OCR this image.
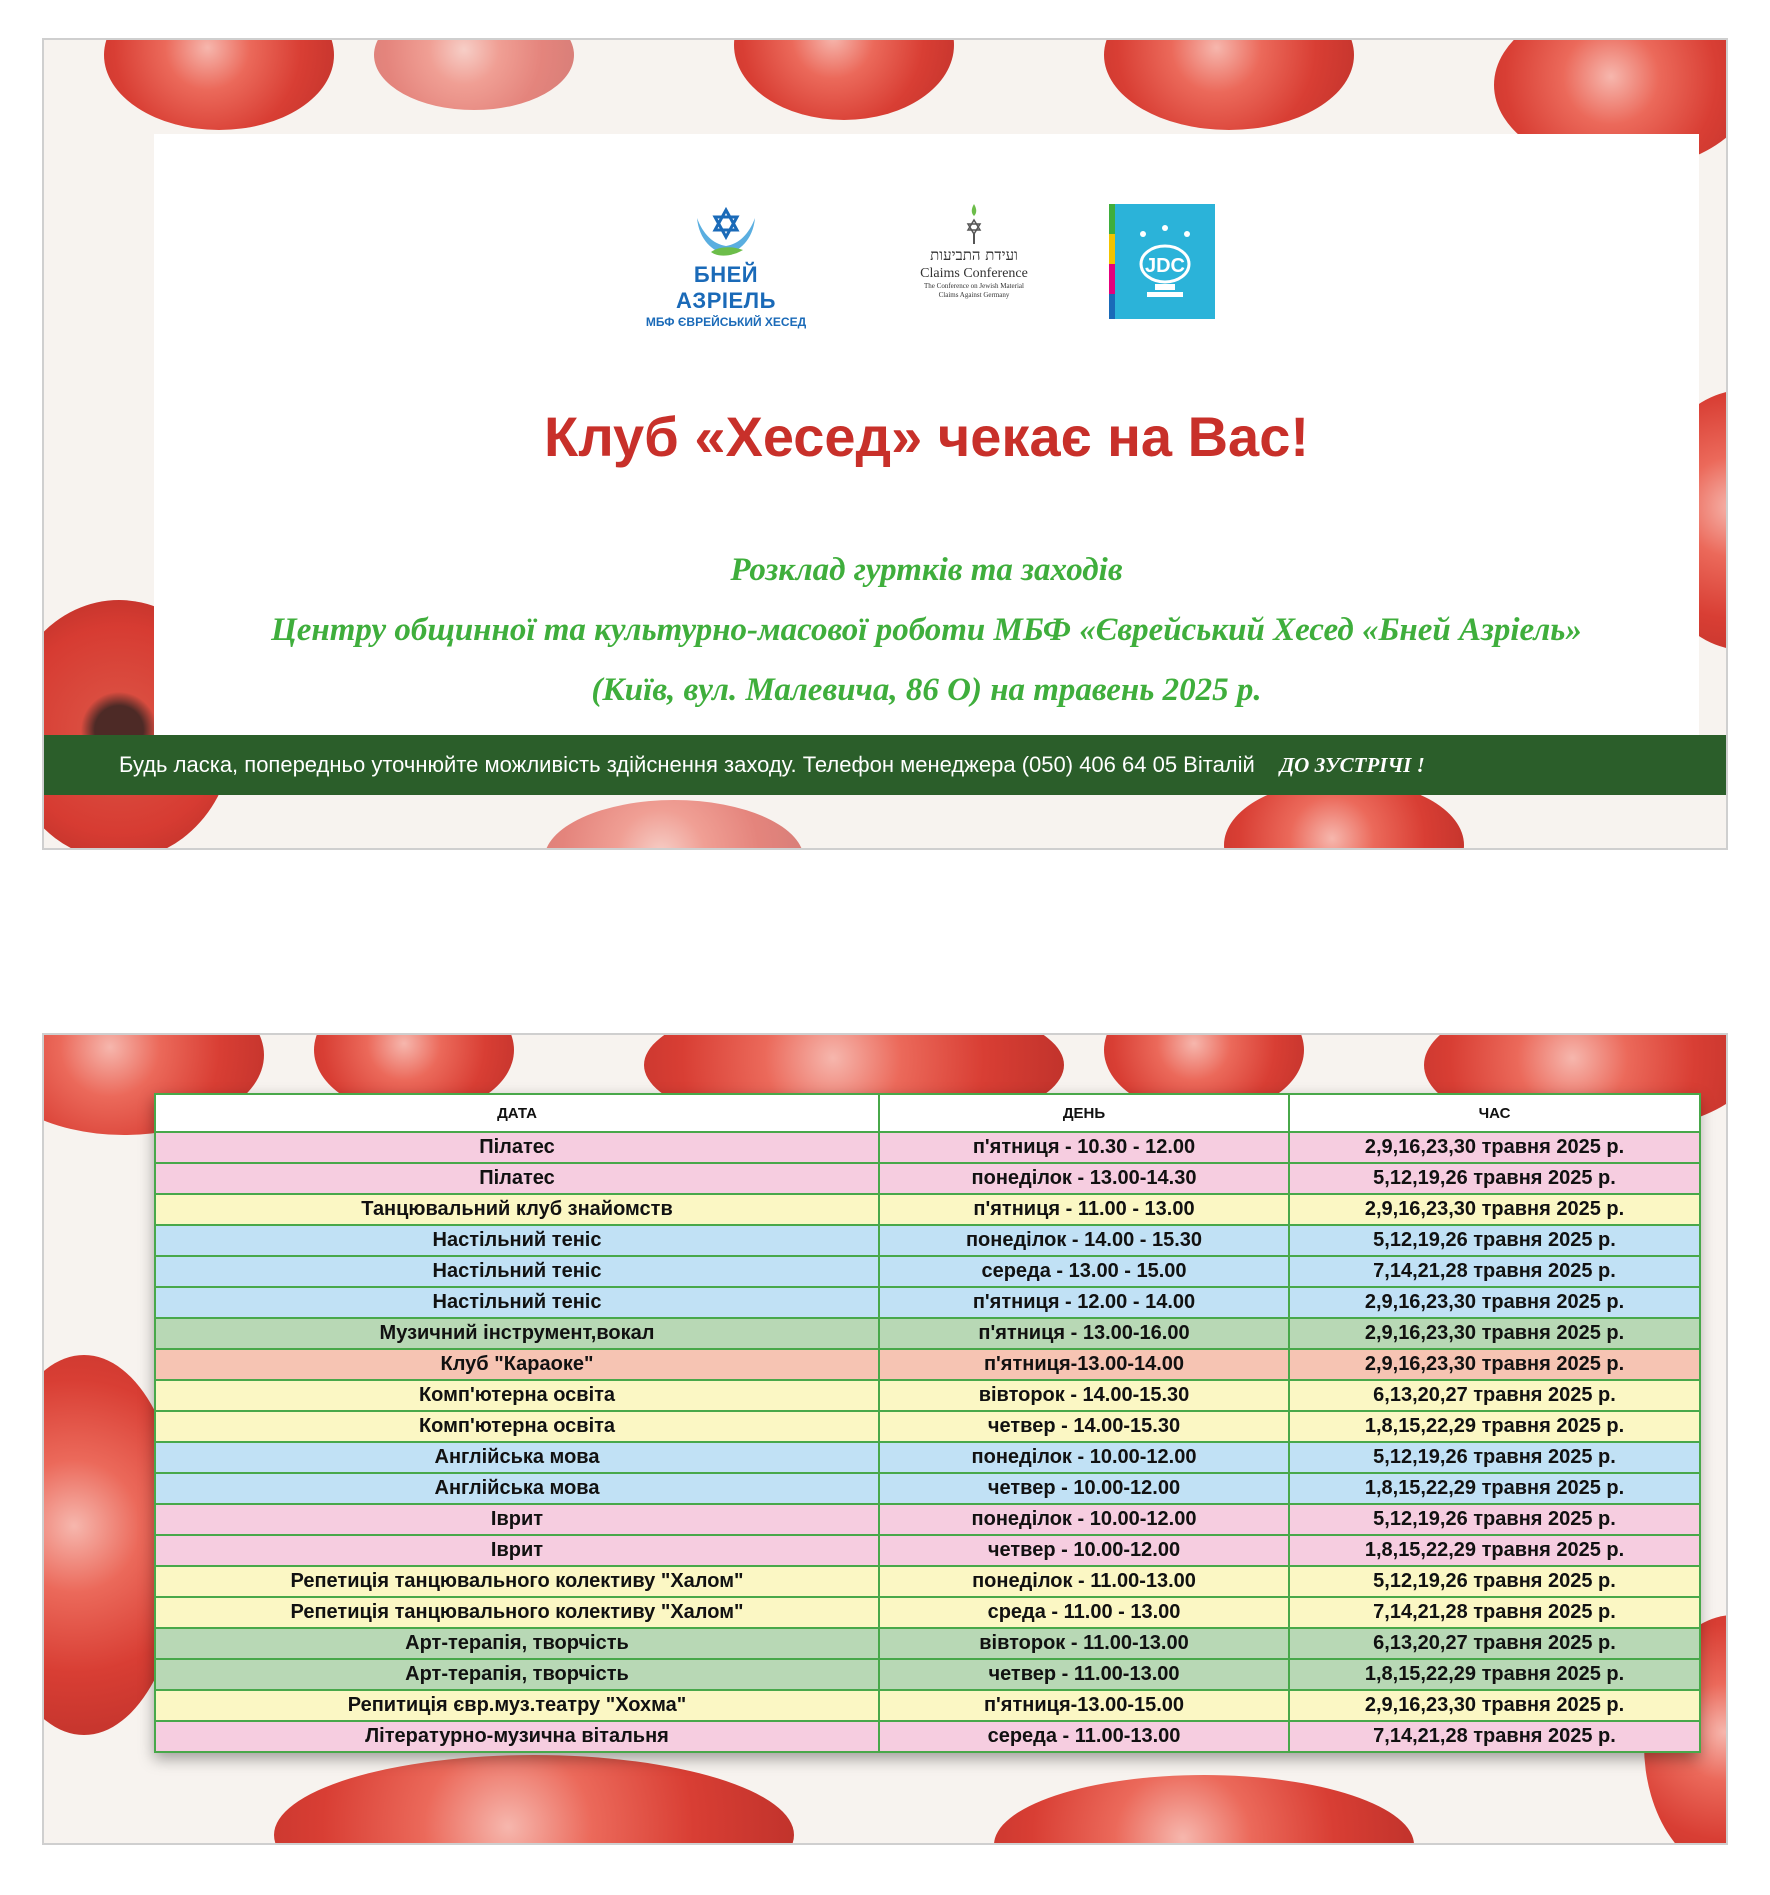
БНЕЙ АЗРІЕЛЬ
МБФ ЄВРЕЙСЬКИЙ ХЕСЕД
ועידת התביעות
Claims Conference
The Conference on Jewish Material
Claims Against Germany
JDC
Клуб «Хесед» чекає на Вас!
Розклад гуртків та заходів
Центру общинної та культурно-масової роботи МБФ «Єврейський Хесед «Бней Азріель»
(Київ, вул. Малевича, 86 О) на травень 2025 р.
Будь ласка, попередньо уточнюйте можливість здійснення заходу. Телефон менеджера (050) 406 64 05 Віталій ДО ЗУСТРІЧІ !
ДАТА	ДЕНЬ	ЧАС
Пілатес	п'ятниця - 10.30 - 12.00	2,9,16,23,30 травня 2025 р.
Пілатес	понеділок - 13.00-14.30	5,12,19,26 травня 2025 р.
Танцювальний клуб знайомств	п'ятниця - 11.00 - 13.00	2,9,16,23,30 травня 2025 р.
Настільний теніс	понеділок - 14.00 - 15.30	5,12,19,26 травня 2025 р.
Настільний теніс	середа - 13.00 - 15.00	7,14,21,28 травня 2025 р.
Настільний теніс	п'ятниця - 12.00 - 14.00	2,9,16,23,30 травня 2025 р.
Музичний інструмент,вокал	п'ятниця - 13.00-16.00	2,9,16,23,30 травня 2025 р.
Клуб "Караоке"	п'ятниця-13.00-14.00	2,9,16,23,30 травня 2025 р.
Комп'ютерна освіта	вівторок - 14.00-15.30	6,13,20,27 травня 2025 р.
Комп'ютерна освіта	четвер - 14.00-15.30	1,8,15,22,29 травня 2025 р.
Англійська мова	понеділок - 10.00-12.00	5,12,19,26 травня 2025 р.
Англійська мова	четвер - 10.00-12.00	1,8,15,22,29 травня 2025 р.
Іврит	понеділок - 10.00-12.00	5,12,19,26 травня 2025 р.
Іврит	четвер - 10.00-12.00	1,8,15,22,29 травня 2025 р.
Репетиція танцювального колективу "Халом"	понеділок - 11.00-13.00	5,12,19,26 травня 2025 р.
Репетиція танцювального колективу "Халом"	среда - 11.00 - 13.00	7,14,21,28 травня 2025 р.
Арт-терапія, творчість	вівторок - 11.00-13.00	6,13,20,27 травня 2025 р.
Арт-терапія, творчість	четвер - 11.00-13.00	1,8,15,22,29 травня 2025 р.
Репитиція євр.муз.театру "Хохма"	п'ятниця-13.00-15.00	2,9,16,23,30 травня 2025 р.
Літературно-музична вітальня	середа - 11.00-13.00	7,14,21,28 травня 2025 р.
